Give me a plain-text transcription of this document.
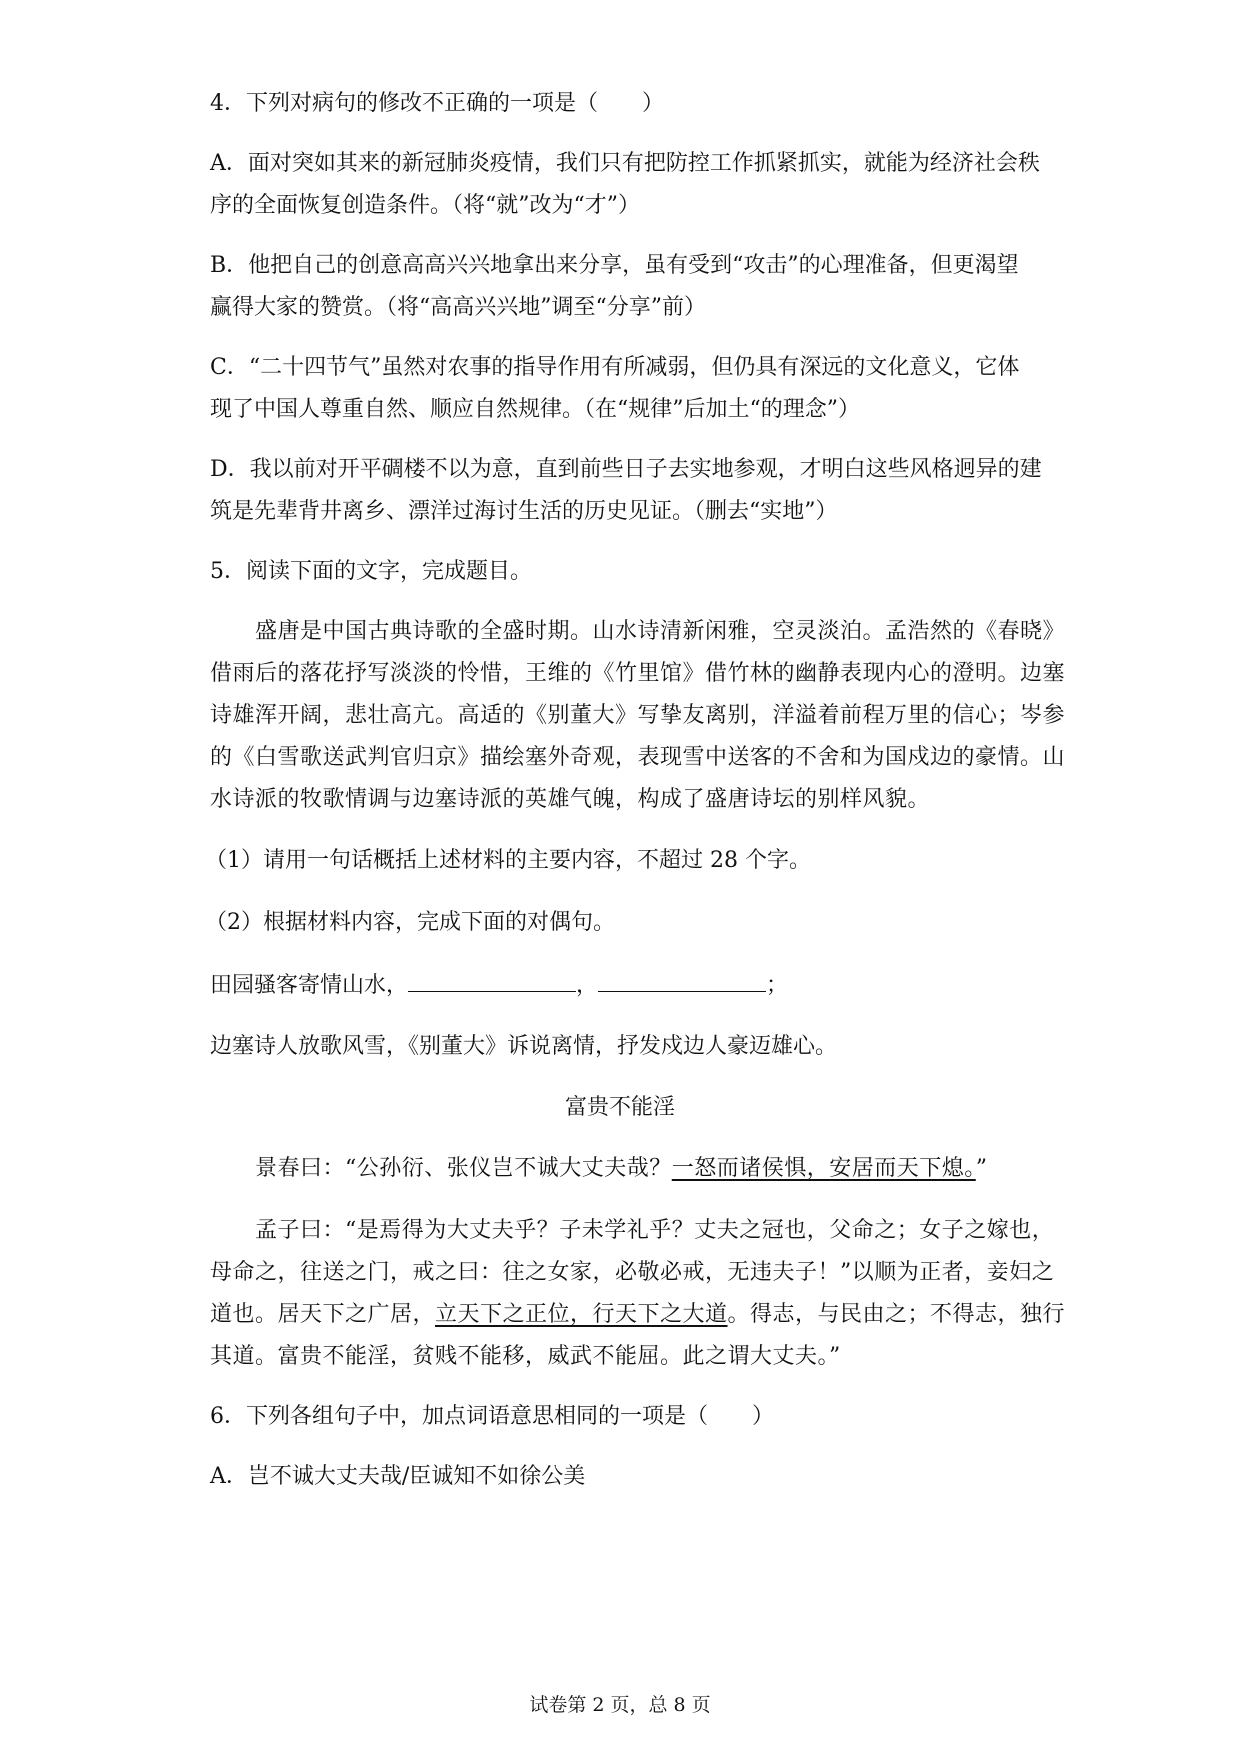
4．下列对病句的修改不正确的一项是（　　）
A．面对突如其来的新冠肺炎疫情，我们只有把防控工作抓紧抓实，就能为经济社会秩
序的全面恢复创造条件。（将“就”改为“才”）
B．他把自己的创意高高兴兴地拿出来分享，虽有受到“攻击”的心理准备，但更渴望
赢得大家的赞赏。（将“高高兴兴地”调至“分享”前）
C．“二十四节气”虽然对农事的指导作用有所减弱，但仍具有深远的文化意义，它体
现了中国人尊重自然、顺应自然规律。（在“规律”后加土“的理念”）
D．我以前对开平碉楼不以为意，直到前些日子去实地参观，才明白这些风格迥异的建
筑是先辈背井离乡、漂洋过海讨生活的历史见证。（删去“实地”）
5．阅读下面的文字，完成题目。
盛唐是中国古典诗歌的全盛时期。山水诗清新闲雅，空灵淡泊。孟浩然的《春晓》
借雨后的落花抒写淡淡的怜惜，王维的《竹里馆》借竹林的幽静表现内心的澄明。边塞
诗雄浑开阔，悲壮高亢。高适的《别董大》写挚友离别，洋溢着前程万里的信心；岑参
的《白雪歌送武判官归京》描绘塞外奇观，表现雪中送客的不舍和为国戍边的豪情。山
水诗派的牧歌情调与边塞诗派的英雄气魄，构成了盛唐诗坛的别样风貌。
（1）请用一句话概括上述材料的主要内容，不超过 28 个字。
（2）根据材料内容，完成下面的对偶句。
田园骚客寄情山水，	，	；
边塞诗人放歌风雪，《别董大》诉说离情，抒发戍边人豪迈雄心。
富贵不能淫
景春曰：“公孙衍、张仪岂不诚大丈夫哉？一怒而诸侯惧，安居而天下熄。”
孟子曰：“是焉得为大丈夫乎？子未学礼乎？丈夫之冠也，父命之；女子之嫁也，
母命之，往送之门，戒之曰：往之女家，必敬必戒，无违夫子！”以顺为正者，妾妇之
道也。居天下之广居，立天下之正位，行天下之大道。得志，与民由之；不得志，独行
其道。富贵不能淫，贫贱不能移，威武不能屈。此之谓大丈夫。”
6．下列各组句子中，加点词语意思相同的一项是（　　）
A．岂不诚大丈夫哉/臣诚知不如徐公美
试卷第 2 页，总 8 页
